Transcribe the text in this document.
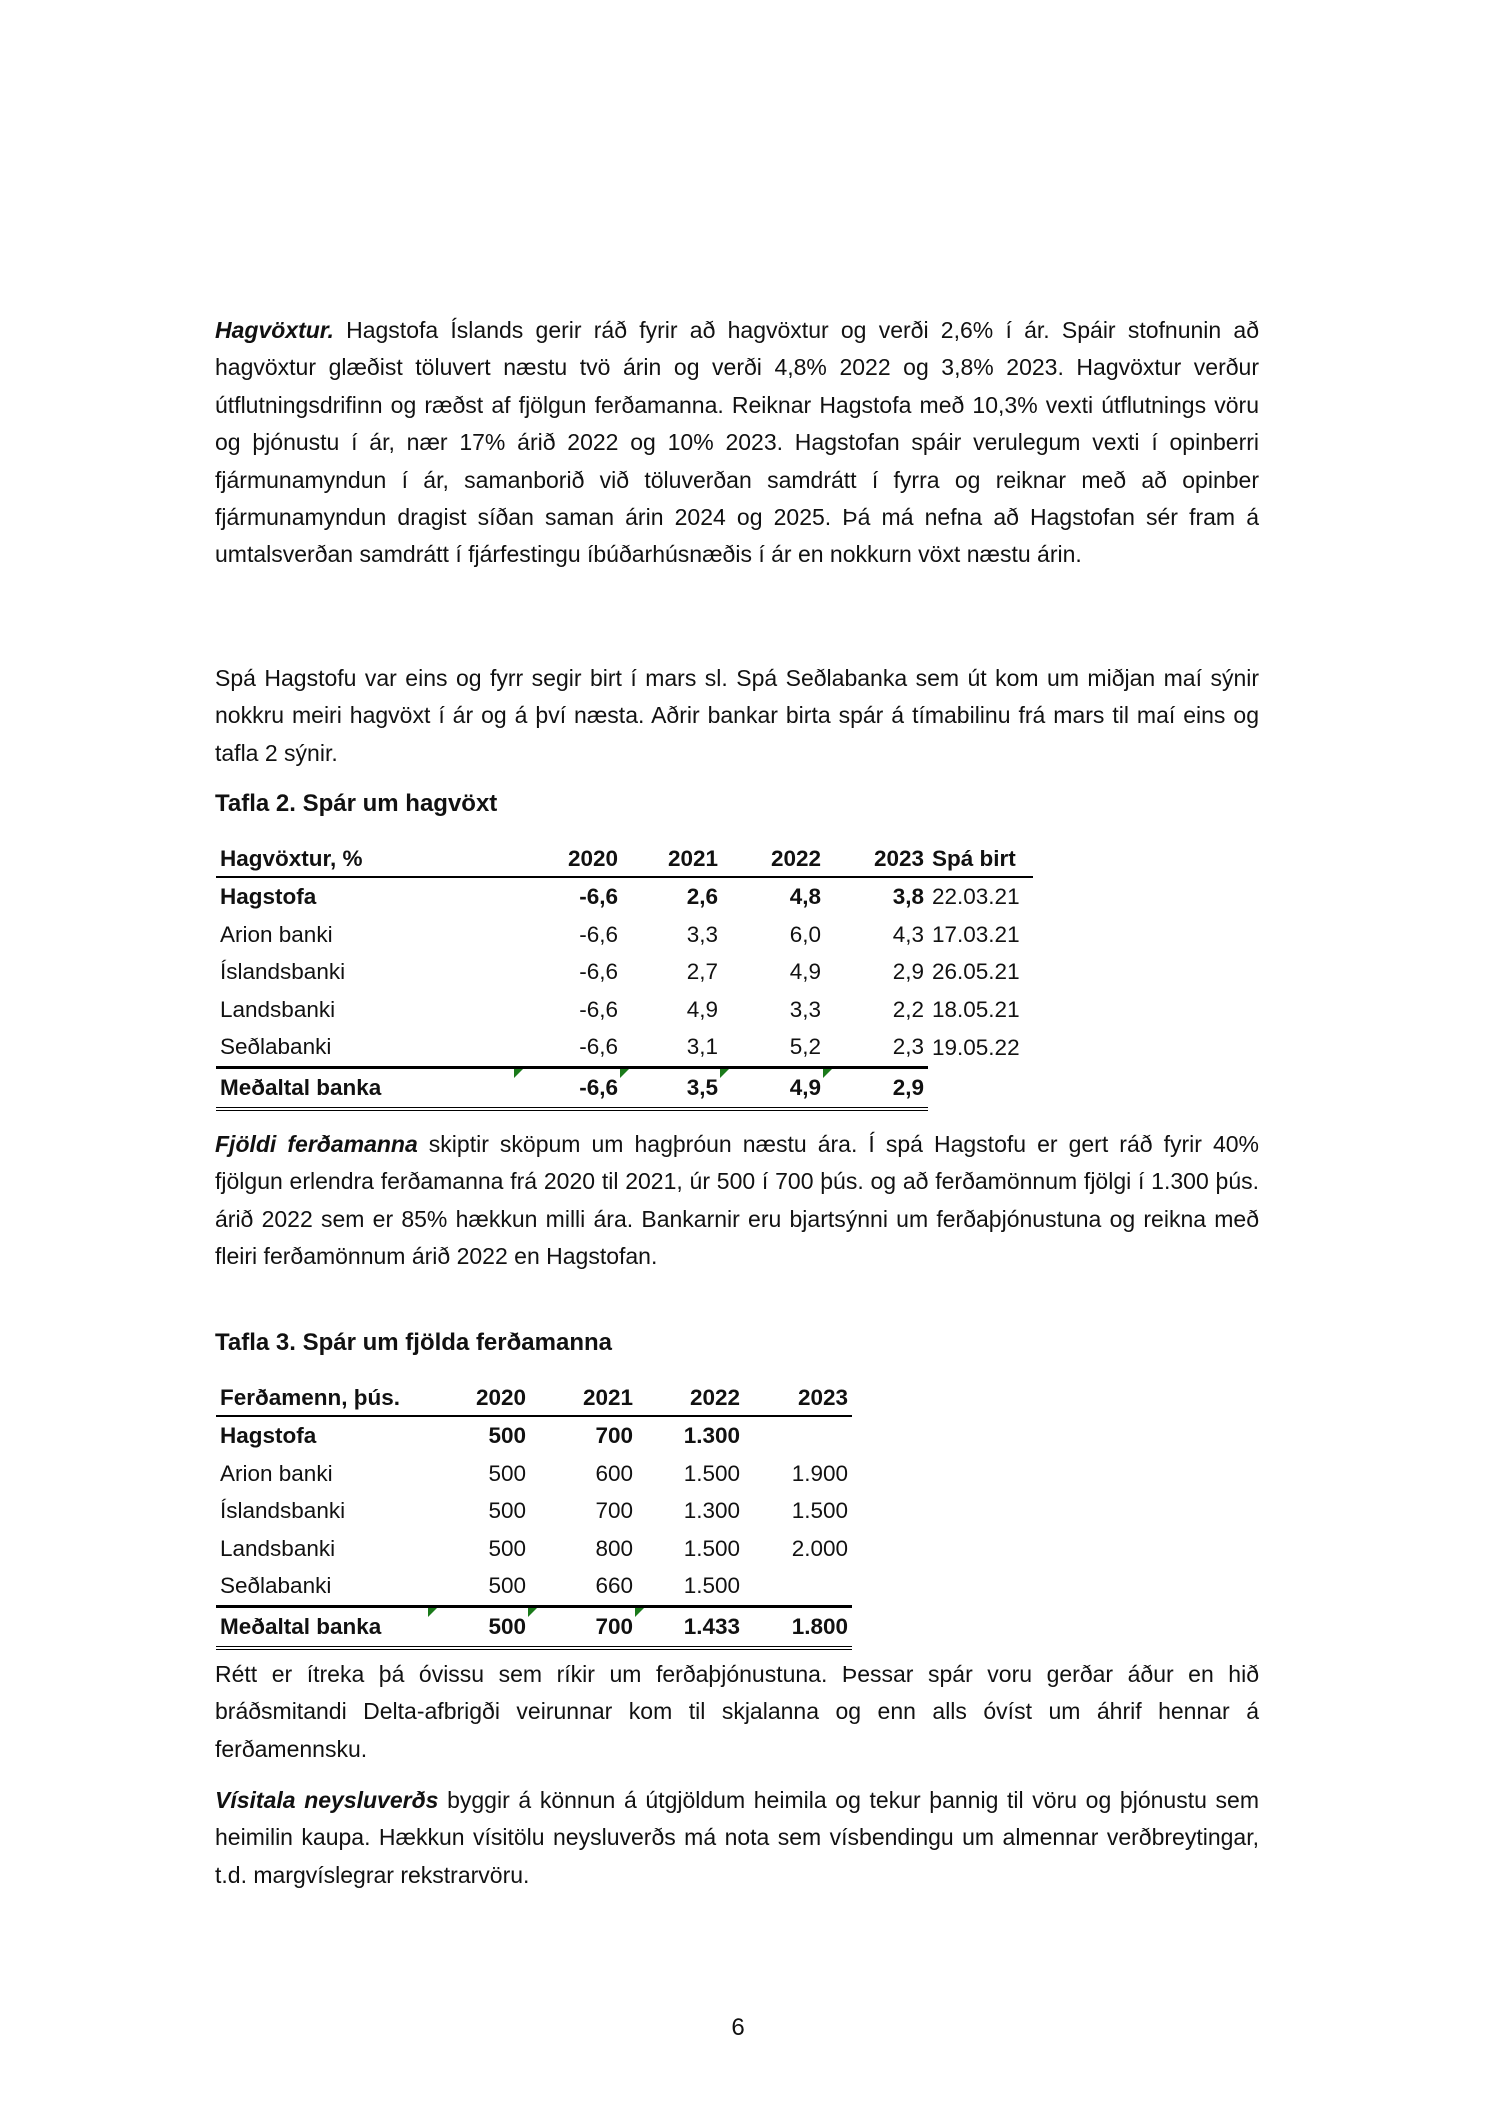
Hagvöxtur. Hagstofa Íslands gerir ráð fyrir að hagvöxtur og verði 2,6% í ár. Spáir stofnunin að hagvöxtur glæðist töluvert næstu tvö árin og verði 4,8% 2022 og 3,8% 2023. Hagvöxtur verður útflutningsdrifinn og ræðst af fjölgun ferðamanna. Reiknar Hagstofa með 10,3% vexti útflutnings vöru og þjónustu í ár, nær 17% árið 2022 og 10% 2023. Hagstofan spáir verulegum vexti í opinberri fjármunamyndun í ár, samanborið við töluverðan samdrátt í fyrra og reiknar með að opinber fjármunamyndun dragist síðan saman árin 2024 og 2025. Þá má nefna að Hagstofan sér fram á umtalsverðan samdrátt í fjárfestingu íbúðarhúsnæðis í ár en nokkurn vöxt næstu árin.

Spá Hagstofu var eins og fyrr segir birt í mars sl. Spá Seðlabanka sem út kom um miðjan maí sýnir nokkru meiri hagvöxt í ár og á því næsta. Aðrir bankar birta spár á tímabilinu frá mars til maí eins og tafla 2 sýnir.

Tafla 2. Spár um hagvöxt

Hagvöxtur, %	2020	2021	2022	2023	Spá birt
Hagstofa	-6,6	2,6	4,8	3,8	22.03.21
Arion banki	-6,6	3,3	6,0	4,3	17.03.21
Íslandsbanki	-6,6	2,7	4,9	2,9	26.05.21
Landsbanki	-6,6	4,9	3,3	2,2	18.05.21
Seðlabanki	-6,6	3,1	5,2	2,3	19.05.22
Meðaltal banka	-6,6	3,5	4,9	2,9	

Fjöldi ferðamanna skiptir sköpum um hagþróun næstu ára. Í spá Hagstofu er gert ráð fyrir 40% fjölgun erlendra ferðamanna frá 2020 til 2021, úr 500 í 700 þús. og að ferðamönnum fjölgi í 1.300 þús. árið 2022 sem er 85% hækkun milli ára. Bankarnir eru bjartsýnni um ferðaþjónustuna og reikna með fleiri ferðamönnum árið 2022 en Hagstofan.

Tafla 3. Spár um fjölda ferðamanna

Ferðamenn, þús.	2020	2021	2022	2023
Hagstofa	500	700	1.300	
Arion banki	500	600	1.500	1.900
Íslandsbanki	500	700	1.300	1.500
Landsbanki	500	800	1.500	2.000
Seðlabanki	500	660	1.500	
Meðaltal banka	500	700	1.433	1.800

Rétt er ítreka þá óvissu sem ríkir um ferðaþjónustuna. Þessar spár voru gerðar áður en hið bráðsmitandi Delta-afbrigði veirunnar kom til skjalanna og enn alls óvíst um áhrif hennar á ferðamennsku.

Vísitala neysluverðs byggir á könnun á útgjöldum heimila og tekur þannig til vöru og þjónustu sem heimilin kaupa. Hækkun vísitölu neysluverðs má nota sem vísbendingu um almennar verðbreytingar, t.d. margvíslegrar rekstrarvöru.

6
